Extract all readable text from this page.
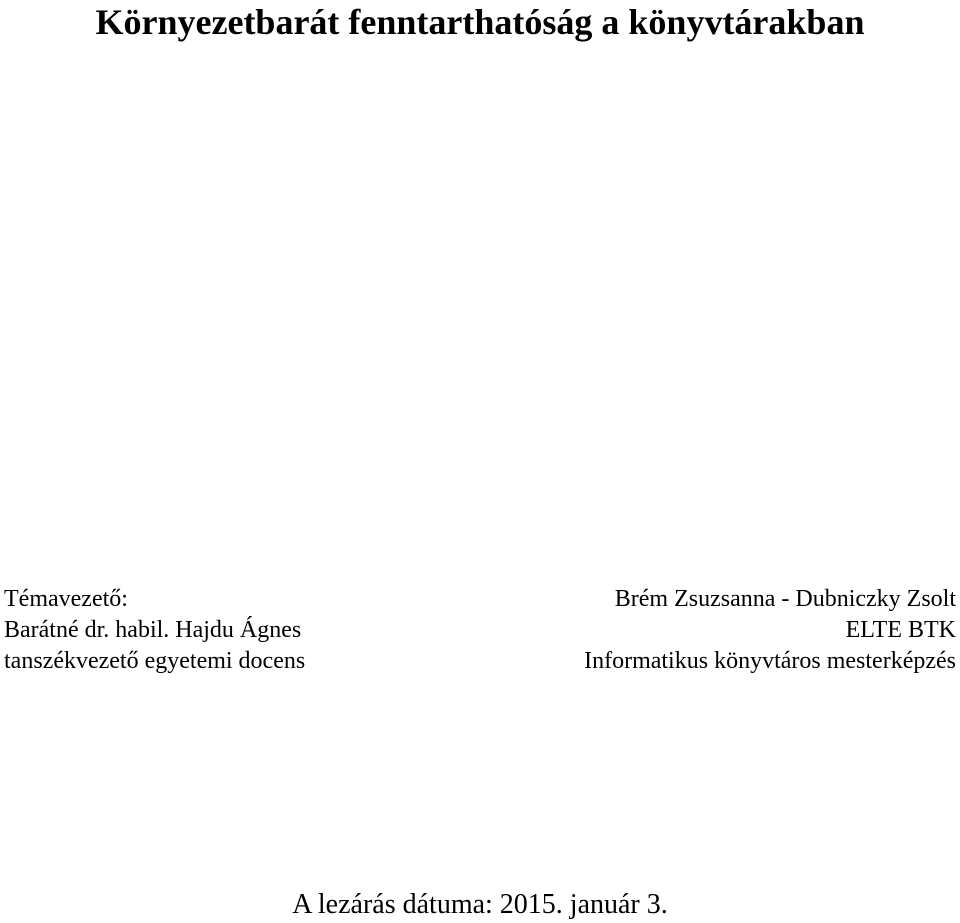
Környezetbarát fenntarthatóság a könyvtárakban
Témavezető:
Barátné dr. habil. Hajdu Ágnes
tanszékvezető egyetemi docens
Brém Zsuzsanna - Dubniczky Zsolt
ELTE BTK
Informatikus könyvtáros mesterképzés
A lezárás dátuma: 2015. január 3.
